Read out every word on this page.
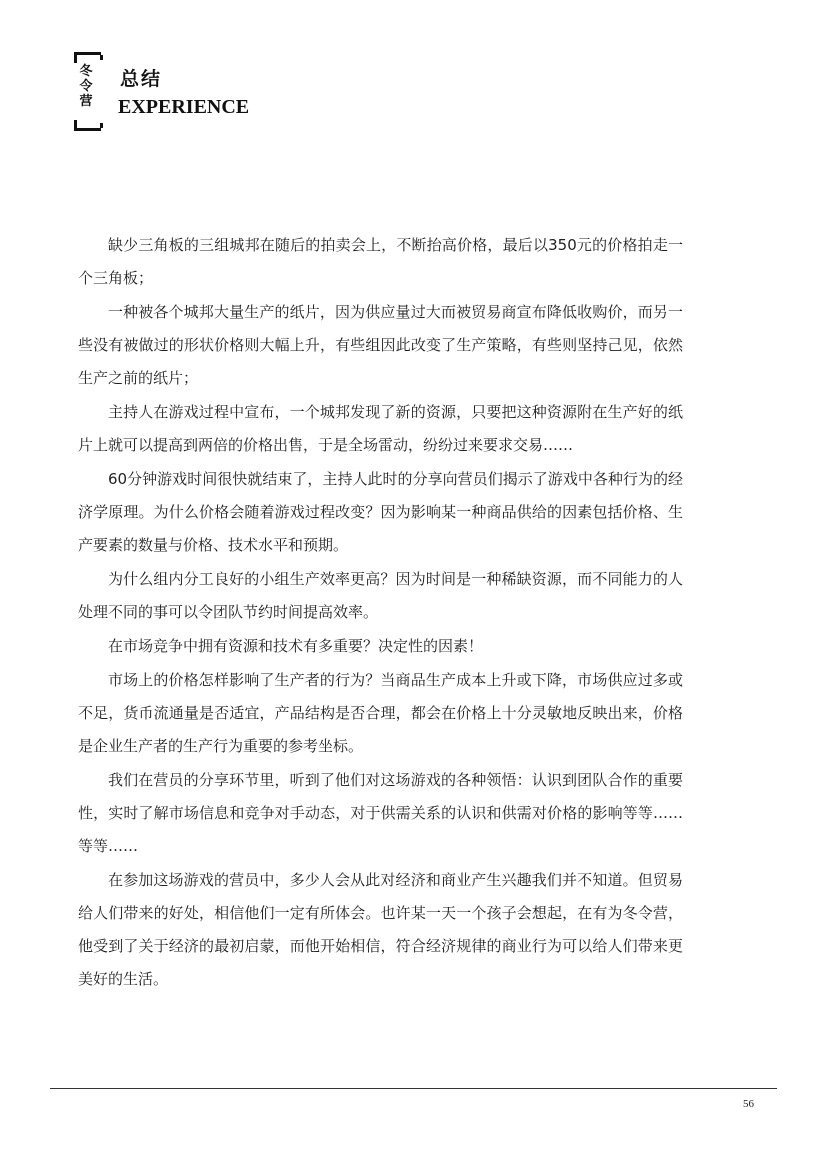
冬令营
总结
EXPERIENCE

缺少三角板的三组城邦在随后的拍卖会上，不断抬高价格，最后以350元的价格拍走一个三角板；

一种被各个城邦大量生产的纸片，因为供应量过大而被贸易商宣布降低收购价，而另一些没有被做过的形状价格则大幅上升，有些组因此改变了生产策略，有些则坚持己见，依然生产之前的纸片；

主持人在游戏过程中宣布，一个城邦发现了新的资源，只要把这种资源附在生产好的纸片上就可以提高到两倍的价格出售，于是全场雷动，纷纷过来要求交易……

60分钟游戏时间很快就结束了，主持人此时的分享向营员们揭示了游戏中各种行为的经济学原理。为什么价格会随着游戏过程改变？因为影响某一种商品供给的因素包括价格、生产要素的数量与价格、技术水平和预期。

为什么组内分工良好的小组生产效率更高？因为时间是一种稀缺资源，而不同能力的人处理不同的事可以令团队节约时间提高效率。

在市场竞争中拥有资源和技术有多重要？决定性的因素！

市场上的价格怎样影响了生产者的行为？当商品生产成本上升或下降，市场供应过多或不足，货币流通量是否适宜，产品结构是否合理，都会在价格上十分灵敏地反映出来，价格是企业生产者的生产行为重要的参考坐标。

我们在营员的分享环节里，听到了他们对这场游戏的各种领悟：认识到团队合作的重要性，实时了解市场信息和竞争对手动态，对于供需关系的认识和供需对价格的影响等等……等等……

在参加这场游戏的营员中，多少人会从此对经济和商业产生兴趣我们并不知道。但贸易给人们带来的好处，相信他们一定有所体会。也许某一天一个孩子会想起，在有为冬令营，他受到了关于经济的最初启蒙，而他开始相信，符合经济规律的商业行为可以给人们带来更美好的生活。

56
